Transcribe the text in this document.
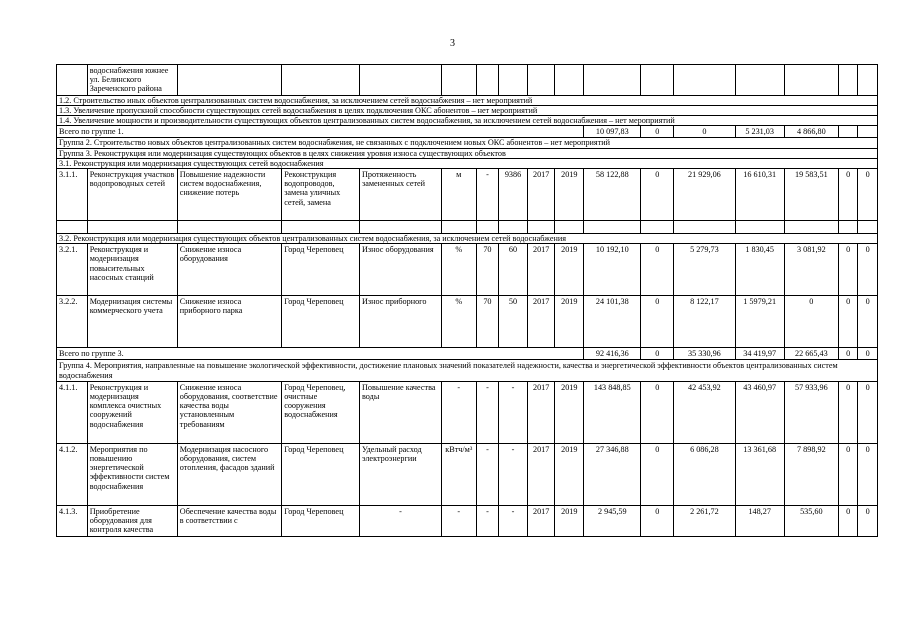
3
	водоснабжения южнее ул. Белинского Зареченского района															
1.2. Строительство иных объектов централизованных систем водоснабжения, за исключением сетей водоснабжения – нет мероприятий																
1.3. Увеличение пропускной способности существующих сетей водоснабжения в целях подключения ОКС абонентов – нет мероприятий																
1.4. Увеличение мощности и производительности существующих объектов централизованных систем водоснабжения, за исключением сетей водоснабжения – нет мероприятий																
Всего по группе 1.										10 097,83	0	0	5 231,03	4 866,80		
Группа 2. Строительство новых объектов централизованных систем водоснабжения, не связанных с подключением новых ОКС абонентов – нет мероприятий																
Группа 3. Реконструкция или модернизация существующих объектов в целях снижения уровня износа существующих объектов																
3.1. Реконструкция или модернизация существующих сетей водоснабжения																
3.1.1.	Реконструкция участков водопроводных сетей	Повышение надежности систем водоснабжения, снижение потерь	Реконструкция водопроводов, замена уличных сетей, замена	Протяженность замененных сетей	м	-	9386	2017	2019	58 122,88	0	21 929,06	16 610,31	19 583,51	0	0

3.2. Реконструкция или модернизация существующих объектов централизованных систем водоснабжения, за исключением сетей водоснабжения																
3.2.1.	Реконструкция и модернизация повысительных насосных станций	Снижение износа оборудования	Город Череповец	Износ оборудования	%	70	60	2017	2019	10 192,10	0	5 279,73	1 830,45	3 081,92	0	0
3.2.2.	Модернизация системы коммерческого учета	Снижение износа приборного парка	Город Череповец	Износ приборного	%	70	50	2017	2019	24 101,38	0	8 122,17	1 5979,21	0	0	0
Всего по группе 3.										92 416,36	0	35 330,96	34 419,97	22 665,43	0	0
Группа 4. Мероприятия, направленные на повышение экологической эффективности, достижение плановых значений показателей надежности, качества и энергетической эффективности объектов централизованных систем водоснабжения																
4.1.1.	Реконструкция и модернизация комплекса очистных сооружений водоснабжения	Снижение износа оборудования, соответствие качества воды установленным требованиям	Город Череповец, очистные сооружения водоснабжения	Повышение качества воды	-	-	-	2017	2019	143 848,85	0	42 453,92	43 460,97	57 933,96	0	0
4.1.2.	Мероприятия по повышению энергетической эффективности систем водоснабжения	Модернизация насосного оборудования, систем отопления, фасадов зданий	Город Череповец	Удельный расход электроэнергии	кВтч/м³	-	-	2017	2019	27 346,88	0	6 086,28	13 361,68	7 898,92	0	0
4.1.3.	Приобретение оборудования для контроля качества	Обеспечение качества воды в соответствии с	Город Череповец	-	-	-	-	2017	2019	2 945,59	0	2 261,72	148,27	535,60	0	0
